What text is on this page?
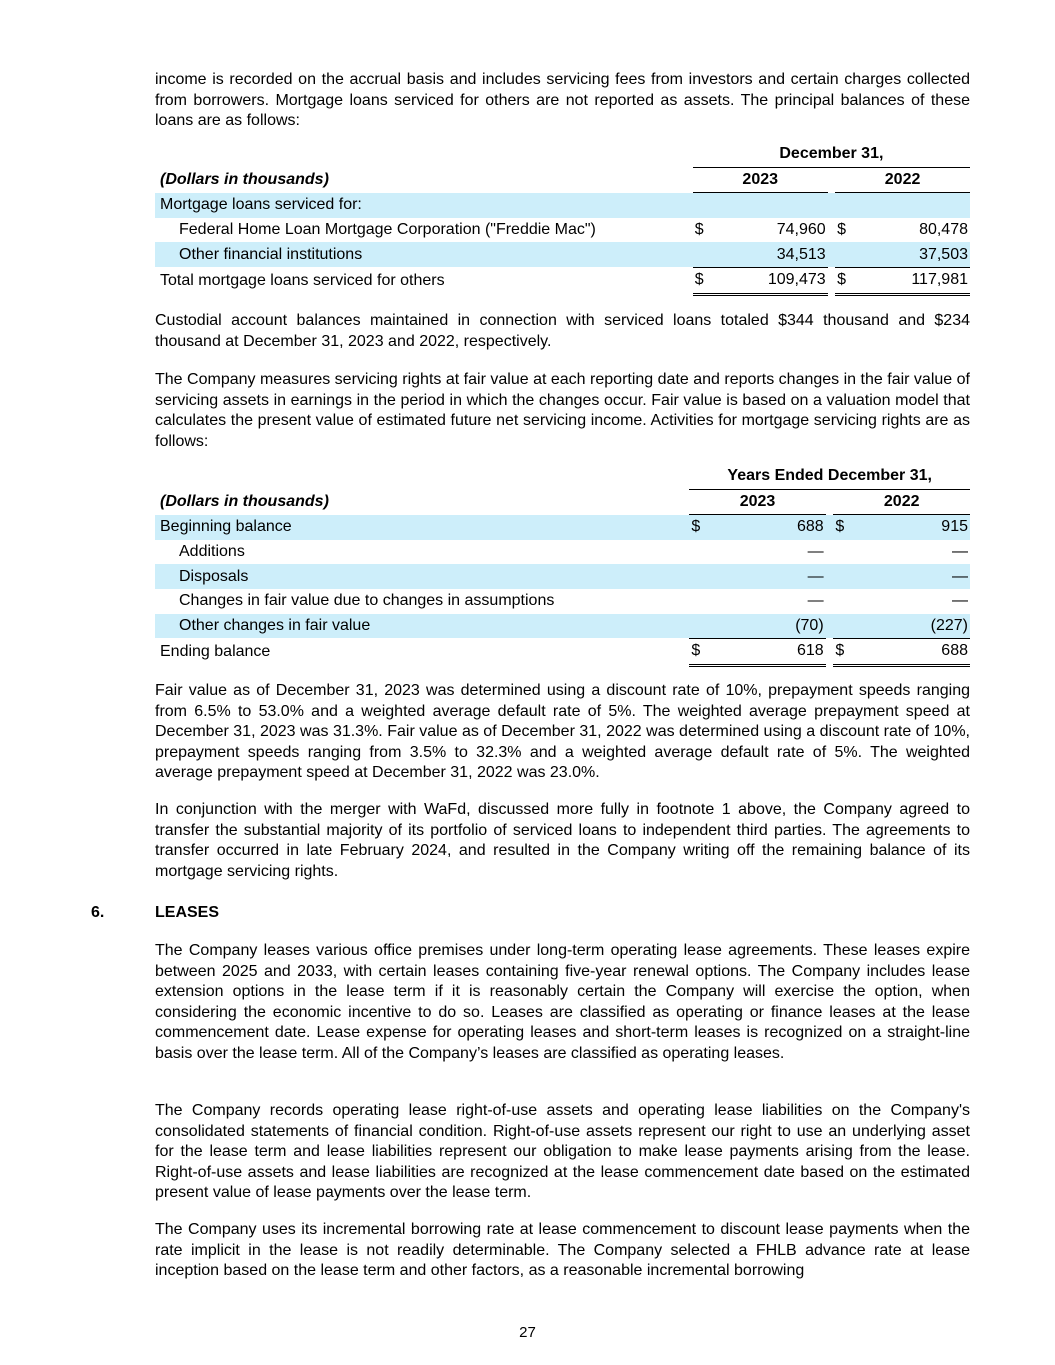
income is recorded on the accrual basis and includes servicing fees from investors and certain charges collected from borrowers. Mortgage loans serviced for others are not reported as assets. The principal balances of these loans are as follows:

	December 31,				
(Dollars in thousands)	2023			2022	
Mortgage loans serviced for:					
Federal Home Loan Mortgage Corporation ("Freddie Mac")	$	74,960		$	80,478
Other financial institutions		34,513			37,503
Total mortgage loans serviced for others	$	109,473		$	117,981

Custodial account balances maintained in connection with serviced loans totaled $344 thousand and $234 thousand at December 31, 2023 and 2022, respectively.

The Company measures servicing rights at fair value at each reporting date and reports changes in the fair value of servicing assets in earnings in the period in which the changes occur. Fair value is based on a valuation model that calculates the present value of estimated future net servicing income. Activities for mortgage servicing rights are as follows:

	Years Ended December 31,				
(Dollars in thousands)	2023			2022	
Beginning balance	$	688		$	915
Additions		—			—
Disposals		—			—
Changes in fair value due to changes in assumptions		—			—
Other changes in fair value		(70)			(227)
Ending balance	$	618		$	688

Fair value as of December 31, 2023 was determined using a discount rate of 10%, prepayment speeds ranging from 6.5% to 53.0% and a weighted average default rate of 5%. The weighted average prepayment speed at December 31, 2023 was 31.3%. Fair value as of December 31, 2022 was determined using a discount rate of 10%, prepayment speeds ranging from 3.5% to 32.3% and a weighted average default rate of 5%. The weighted average prepayment speed at December 31, 2022 was 23.0%.

In conjunction with the merger with WaFd, discussed more fully in footnote 1 above, the Company agreed to transfer the substantial majority of its portfolio of serviced loans to independent third parties. The agreements to transfer occurred in late February 2024, and resulted in the Company writing off the remaining balance of its mortgage servicing rights.

The Company leases various office premises under long-term operating lease agreements. These leases expire between 2025 and 2033, with certain leases containing five-year renewal options. The Company includes lease extension options in the lease term if it is reasonably certain the Company will exercise the option, when considering the economic incentive to do so. Leases are classified as operating or finance leases at the lease commencement date. Lease expense for operating leases and short-term leases is recognized on a straight-line basis over the lease term. All of the Company’s leases are classified as operating leases.

The Company records operating lease right-of-use assets and operating lease liabilities on the Company's consolidated statements of financial condition. Right-of-use assets represent our right to use an underlying asset for the lease term and lease liabilities represent our obligation to make lease payments arising from the lease. Right-of-use assets and lease liabilities are recognized at the lease commencement date based on the estimated present value of lease payments over the lease term.

The Company uses its incremental borrowing rate at lease commencement to discount lease payments when the rate implicit in the lease is not readily determinable. The Company selected a FHLB advance rate at lease inception based on the lease term and other factors, as a reasonable incremental borrowing

6.	LEASES
27
